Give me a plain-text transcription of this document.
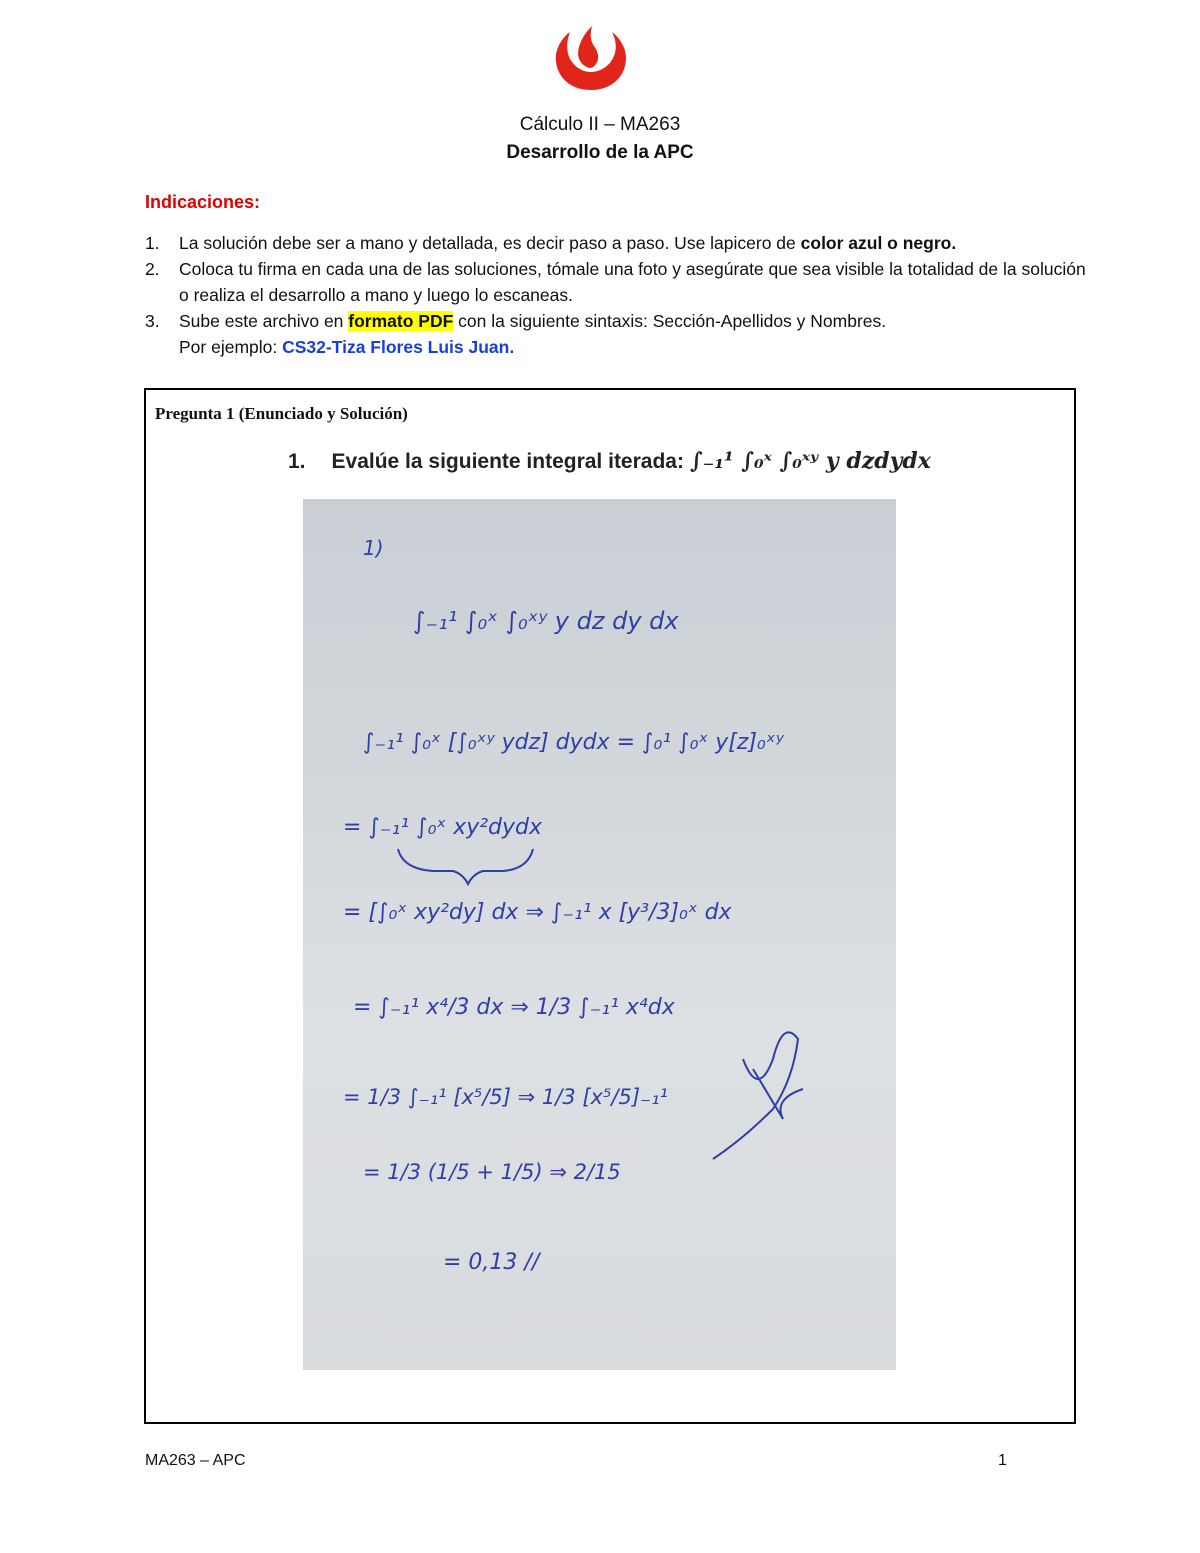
Cálculo II – MA263
Desarrollo de la APC
Indicaciones:
1. La solución debe ser a mano y detallada, es decir paso a paso. Use lapicero de color azul o negro.
2. Coloca tu firma en cada una de las soluciones, tómale una foto y asegúrate que sea visible la totalidad de la solución o realiza el desarrollo a mano y luego lo escaneas.
3. Sube este archivo en formato PDF con la siguiente sintaxis: Sección-Apellidos y Nombres.
Por ejemplo: CS32-Tiza Flores Luis Juan.
Pregunta 1 (Enunciado y Solución)
1. Evalúe la siguiente integral iterada: ∫₋₁¹ ∫₀ˣ ∫₀ˣʸ y dzdydx
1)
∫₋₁¹ ∫₀ˣ ∫₀ˣʸ y dz dy dx
∫₋₁¹ ∫₀ˣ [∫₀ˣʸ ydz] dydx = ∫₀¹ ∫₀ˣ y[z]₀ˣʸ
= ∫₋₁¹ ∫₀ˣ xy²dydx
= [∫₀ˣ xy²dy] dx ⇒ ∫₋₁¹ x [y³/3]₀ˣ dx
= ∫₋₁¹ x⁴/3 dx ⇒ 1/3 ∫₋₁¹ x⁴dx
= 1/3 ∫₋₁¹ [x⁵/5] ⇒ 1/3 [x⁵/5]₋₁¹
= 1/3 (1/5 + 1/5) ⇒ 2/15
= 0,13 //
MA263 – APC	1
